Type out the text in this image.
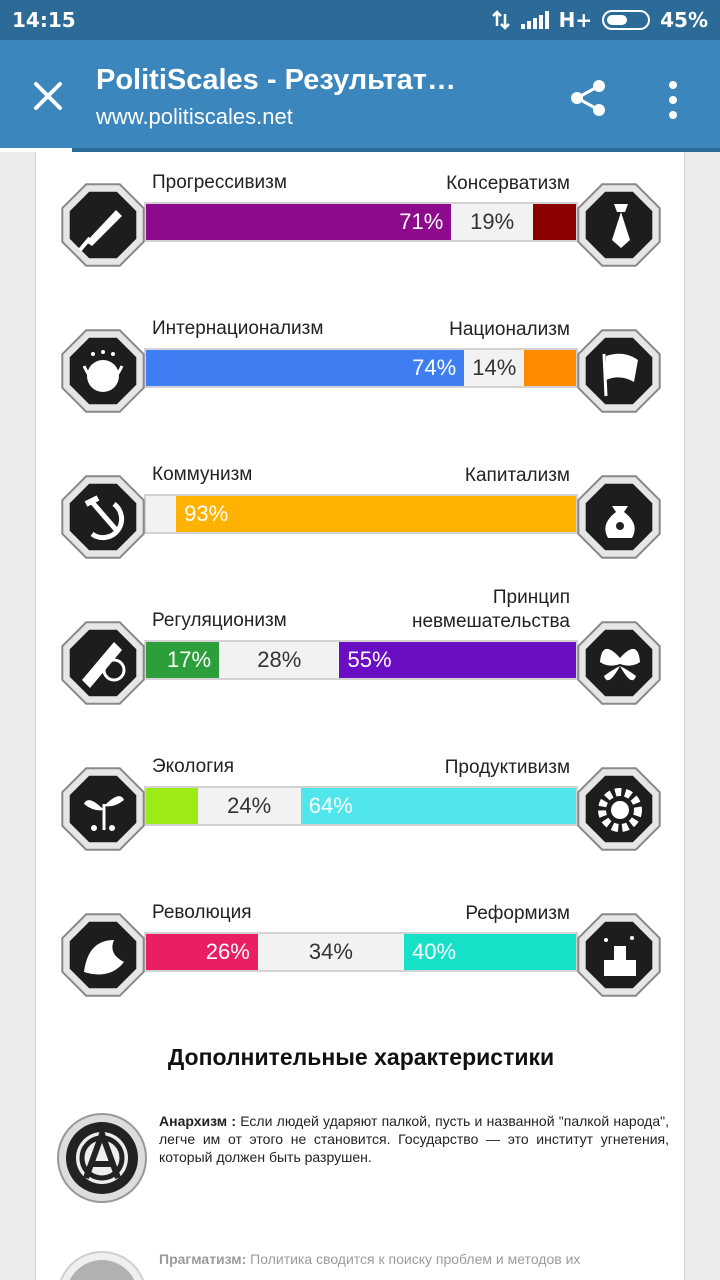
14:15	H+	45%
PolitiScales - Результат…
www.politiscales.net
Прогрессивизм	Консерватизм
71%	19%
Интернационализм	Национализм
74% 14%
Коммунизм	Капитализм
93%
Регуляционизм
Принцип невмешательства
17%	28%	55%
Экология	Продуктивизм
24%	64%
Революция	Реформизм
26%	34%	40%
Дополнительные характеристики
Анархизм : Если людей ударяют палкой, пусть и названной "палкой народа", легче им от этого не становится. Государство — это институт угнетения, который должен быть разрушен.
Прагматизм: Политика сводится к поиску проблем и методов их
